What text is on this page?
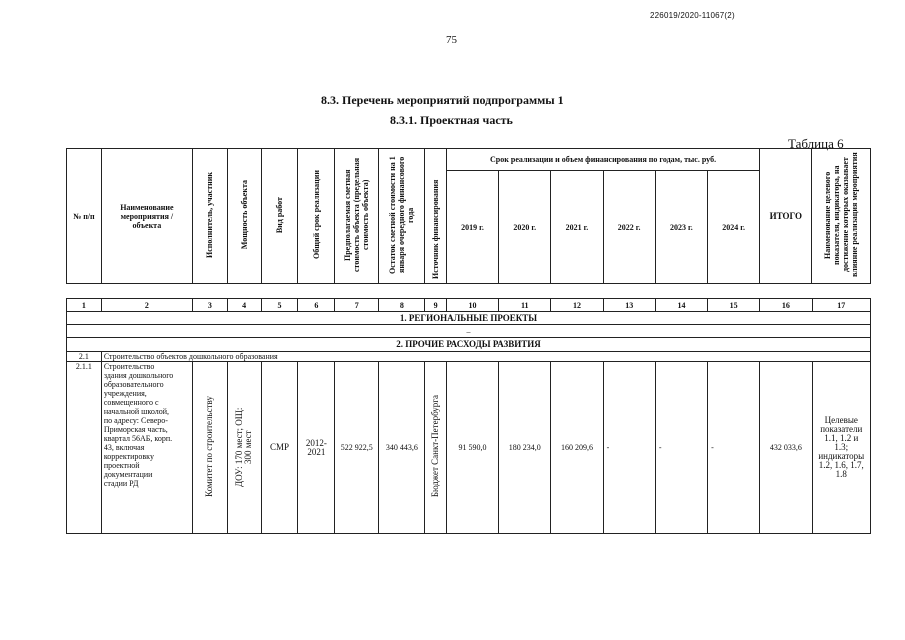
226019/2020-11067(2)
75
8.3. Перечень мероприятий подпрограммы 1
8.3.1. Проектная часть
Таблица 6
№ п/п	Наименование мероприятия / объекта	Исполнитель, участник	Мощность объекта	Вид работ	Общий срок реализации	Предполагаемая сметная стоимость объекта (предельная стоимость объекта)	Остаток сметной стоимости на 1 января очередного финансового года	Источник финансирования	Срок реализации и объем финансирования по годам, тыс. руб.						ИТОГО	Наименование целевого показателя, индикатора, на достижение которых оказывает влияние реализация мероприятия
									2019 г.	2020 г.	2021 г.	2022 г.	2023 г.	2024 г.		
1	2	3	4	5	6	7	8	9	10	11	12	13	14	15	16	17
1. РЕГИОНАЛЬНЫЕ ПРОЕКТЫ																
–																
2. ПРОЧИЕ РАСХОДЫ РАЗВИТИЯ																
2.1	Строительство объектов дошкольного образования															
2.1.1	Строительство здания дошкольного образовательного учреждения, совмещенного с начальной школой, по адресу: Северо-Приморская часть, квартал 56АБ, корп. 43, включая корректировку проектной документации стадии РД	Комитет по строительству	ДОУ: 170 мест; ОЩ: 300 мест	СМР	2012-2021	522 922,5	340 443,6	Бюджет Санкт-Петербурга	91 590,0	180 234,0	160 209,6	-	-	-	432 033,6	Целевые показатели 1.1, 1.2 и 1.3; индикаторы 1.2, 1.6, 1.7, 1.8
